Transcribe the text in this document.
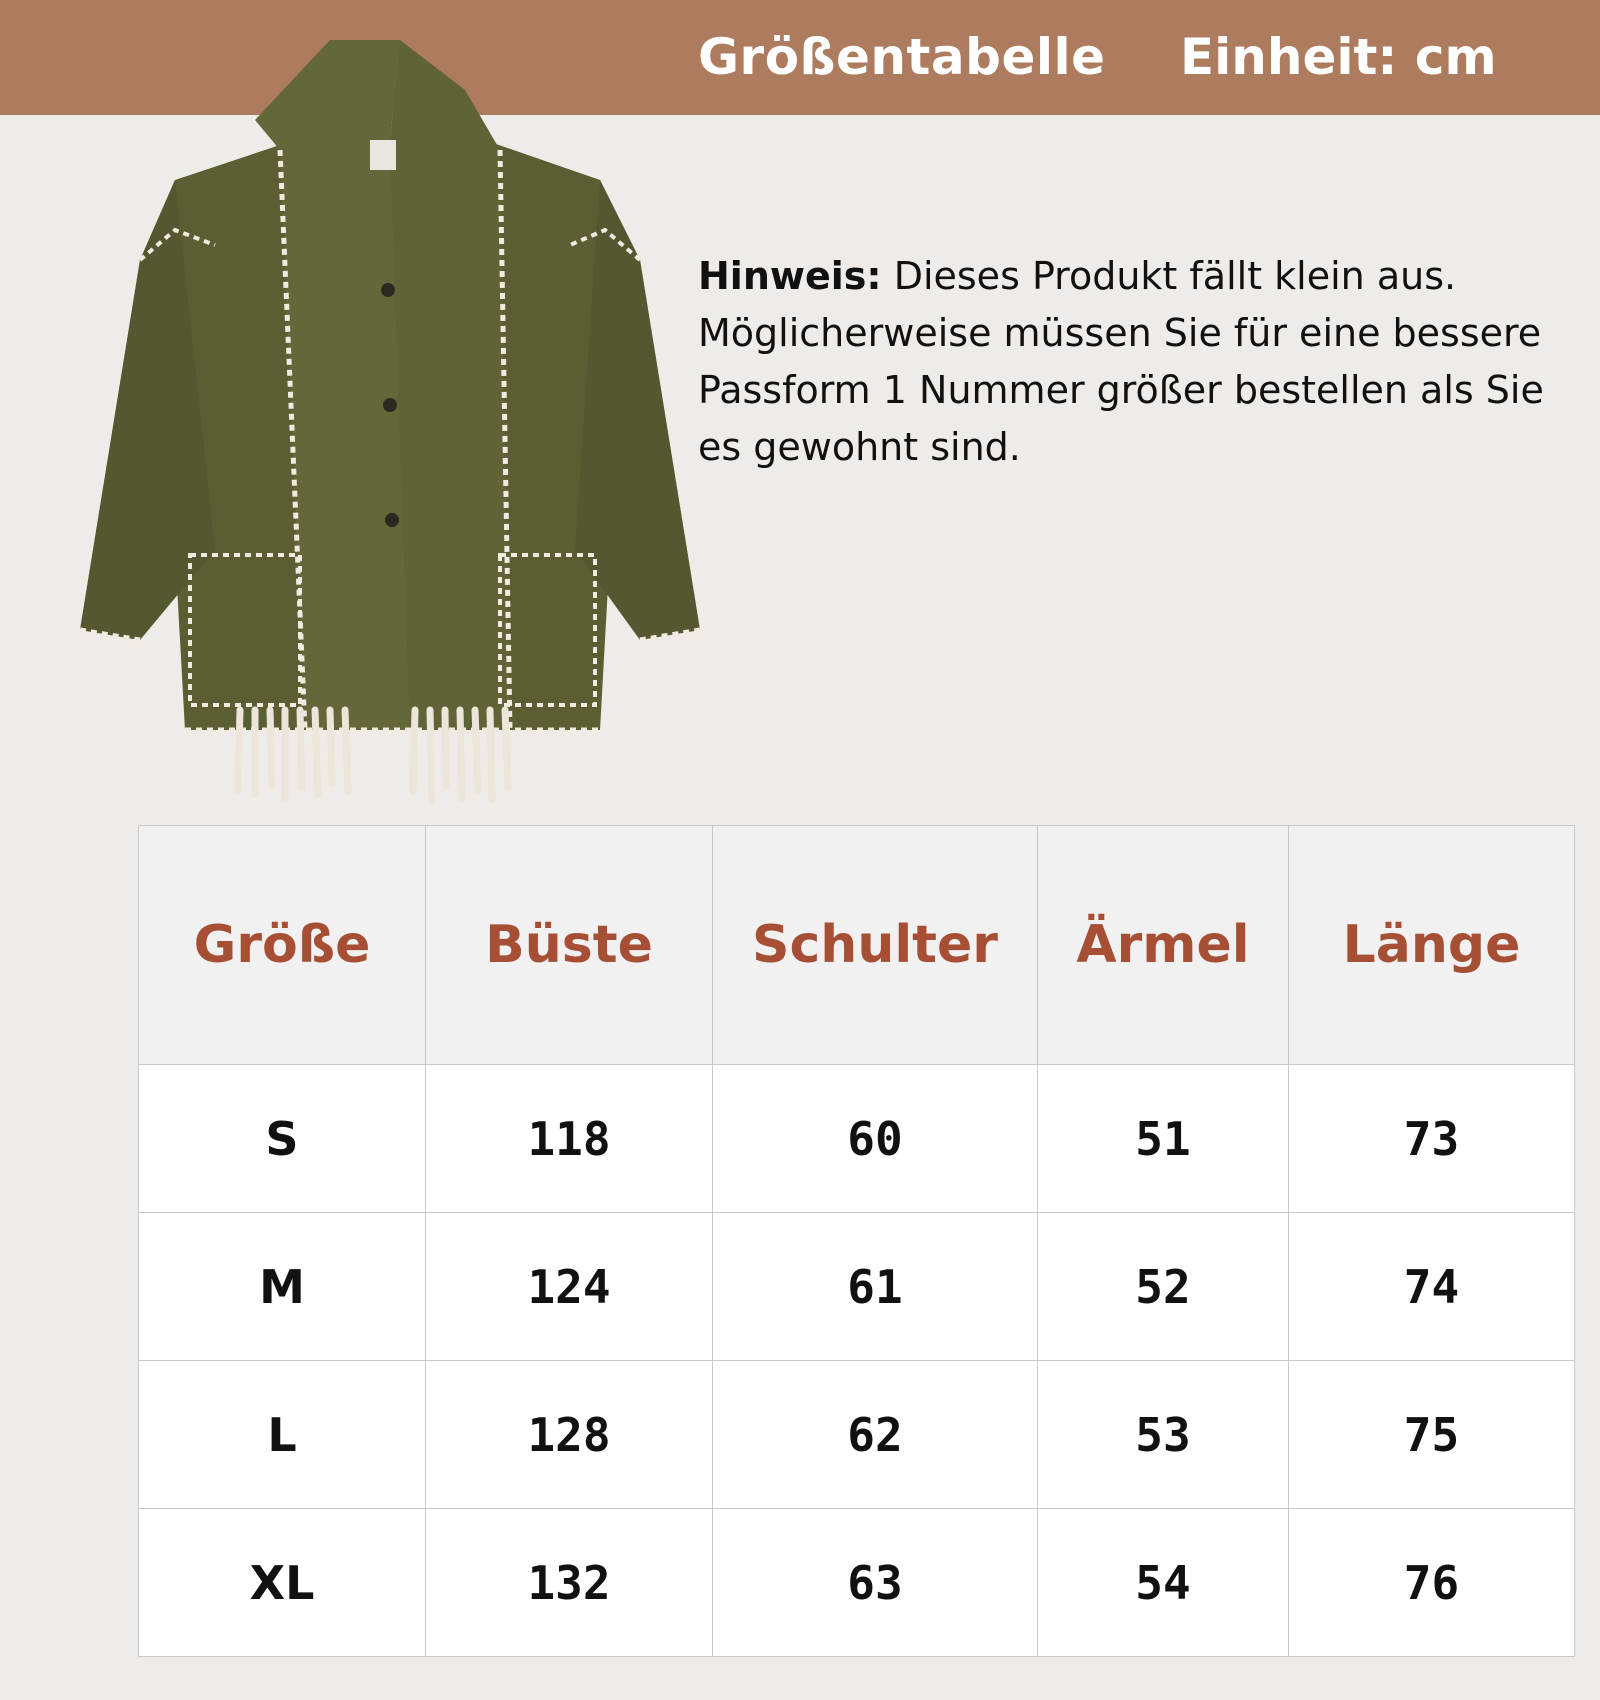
Größentabelle Einheit: cm
Hinweis: Dieses Produkt fällt klein aus. Möglicherweise müssen Sie für eine bessere Passform 1 Nummer größer bestellen als Sie es gewohnt sind.
Größe	Büste	Schulter	Ärmel	Länge
S	118	60	51	73
M	124	61	52	74
L	128	62	53	75
XL	132	63	54	76
